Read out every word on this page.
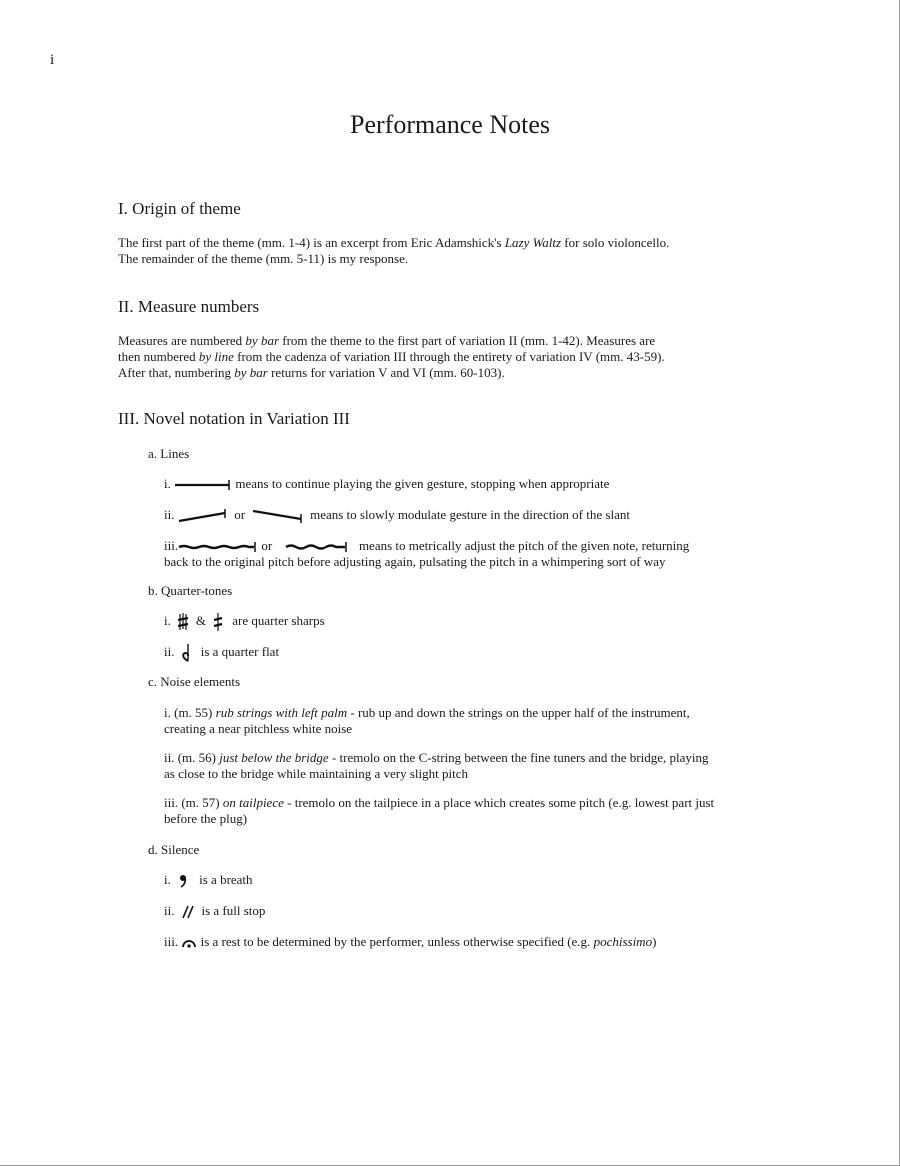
i
Performance Notes
I. Origin of theme
The first part of the theme (mm. 1-4) is an excerpt from Eric Adamshick's Lazy Waltz for solo violoncello.
The remainder of the theme (mm. 5-11) is my response.
II. Measure numbers
Measures are numbered by bar from the theme to the first part of variation II (mm. 1-42). Measures are
then numbered by line from the cadenza of variation III through the entirety of variation IV (mm. 43-59).
After that, numbering by bar returns for variation V and VI (mm. 60-103).
III. Novel notation in Variation III
a. Lines
i.	means to continue playing the given gesture, stopping when appropriate
ii.	or	means to slowly modulate gesture in the direction of the slant
iii.	or	means to metrically adjust the pitch of the given note, returning
back to the original pitch before adjusting again, pulsating the pitch in a whimpering sort of way
b. Quarter-tones
i. & are quarter sharps
ii. is a quarter flat
c. Noise elements
i. (m. 55) rub strings with left palm - rub up and down the strings on the upper half of the instrument,
creating a near pitchless white noise
ii. (m. 56) just below the bridge - tremolo on the C-string between the fine tuners and the bridge, playing
as close to the bridge while maintaining a very slight pitch
iii. (m. 57) on tailpiece - tremolo on the tailpiece in a place which creates some pitch (e.g. lowest part just
before the plug)
d. Silence
i. is a breath
ii. is a full stop
iii. is a rest to be determined by the performer, unless otherwise specified (e.g. pochissimo)
